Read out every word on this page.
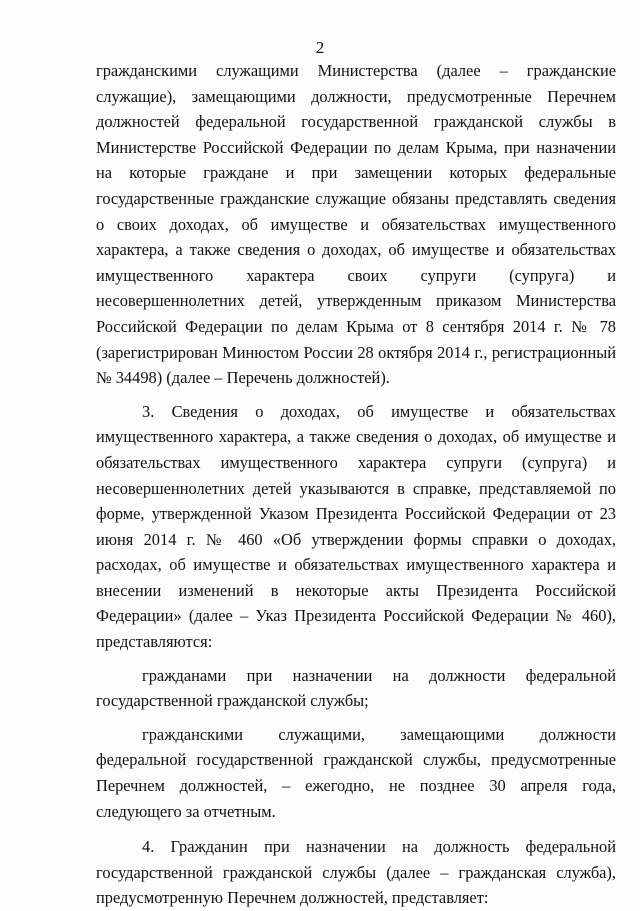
2

гражданскими служащими Министерства (далее – гражданские служащие), замещающими должности, предусмотренные Перечнем должностей федеральной государственной гражданской службы в Министерстве Российской Федерации по делам Крыма, при назначении на которые граждане и при замещении которых федеральные государственные гражданские служащие обязаны представлять сведения о своих доходах, об имуществе и обязательствах имущественного характера, а также сведения о доходах, об имуществе и обязательствах имущественного характера своих супруги (супруга) и несовершеннолетних детей, утвержденным приказом Министерства Российской Федерации по делам Крыма от 8 сентября 2014 г. № 78 (зарегистрирован Минюстом России 28 октября 2014 г., регистрационный № 34498) (далее – Перечень должностей).

3. Сведения о доходах, об имуществе и обязательствах имущественного характера, а также сведения о доходах, об имуществе и обязательствах имущественного характера супруги (супруга) и несовершеннолетних детей указываются в справке, представляемой по форме, утвержденной Указом Президента Российской Федерации от 23 июня 2014 г. № 460 «Об утверждении формы справки о доходах, расходах, об имуществе и обязательствах имущественного характера и внесении изменений в некоторые акты Президента Российской Федерации» (далее – Указ Президента Российской Федерации № 460), представляются:

гражданами при назначении на должности федеральной государственной гражданской службы;

гражданскими служащими, замещающими должности федеральной государственной гражданской службы, предусмотренные Перечнем должностей, – ежегодно, не позднее 30 апреля года, следующего за отчетным.

4. Гражданин при назначении на должность федеральной государственной гражданской службы (далее – гражданская служба), предусмотренную Перечнем должностей, представляет:
